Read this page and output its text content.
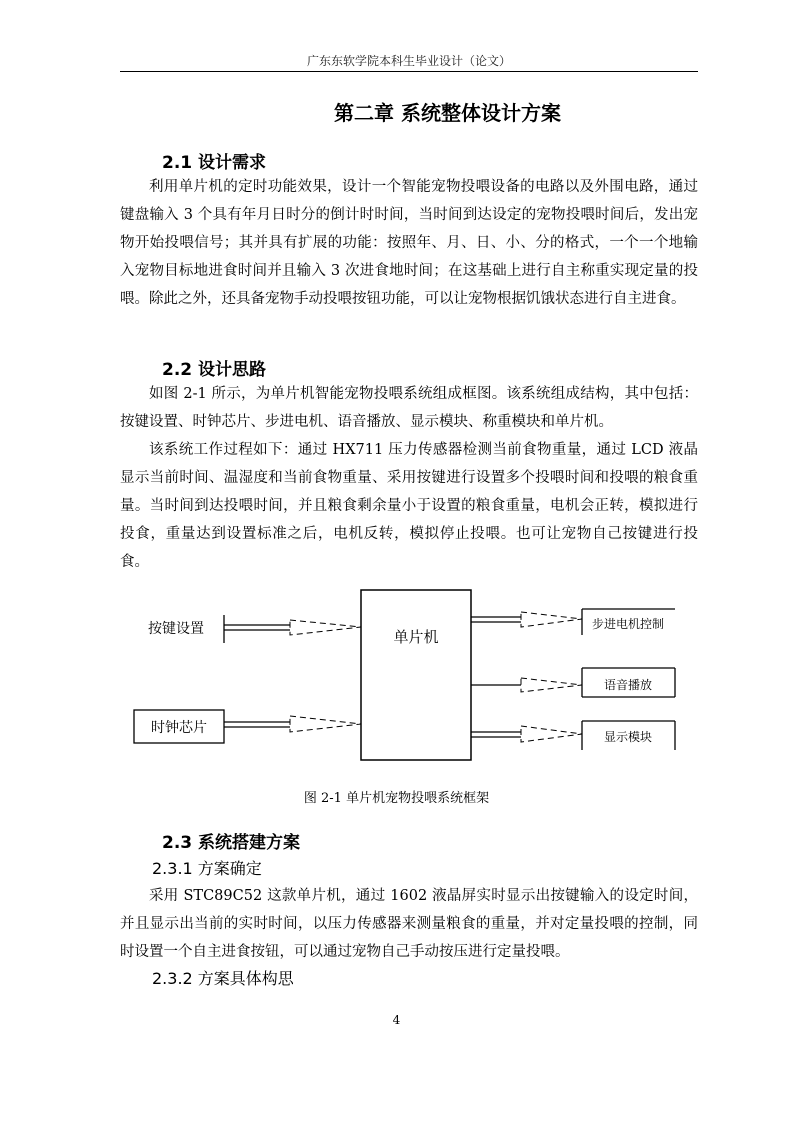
广东东软学院本科生毕业设计（论文）
第二章 系统整体设计方案
2.1 设计需求

利用单片机的定时功能效果，设计一个智能宠物投喂设备的电路以及外围电路，通过键盘输入 3 个具有年月日时分的倒计时时间，当时间到达设定的宠物投喂时间后，发出宠物开始投喂信号；其并具有扩展的功能：按照年、月、日、小、分的格式，一个一个地输入宠物目标地进食时间并且输入 3 次进食地时间；在这基础上进行自主称重实现定量的投喂。除此之外，还具备宠物手动投喂按钮功能，可以让宠物根据饥饿状态进行自主进食。

2.2 设计思路

如图 2-1 所示，为单片机智能宠物投喂系统组成框图。该系统组成结构，其中包括：按键设置、时钟芯片、步进电机、语音播放、显示模块、称重模块和单片机。

该系统工作过程如下：通过 HX711 压力传感器检测当前食物重量，通过 LCD 液晶显示当前时间、温湿度和当前食物重量、采用按键进行设置多个投喂时间和投喂的粮食重量。当时间到达投喂时间，并且粮食剩余量小于设置的粮食重量，电机会正转，模拟进行投食，重量达到设置标准之后，电机反转，模拟停止投喂。也可让宠物自己按键进行投食。

单片机
按键设置
时钟芯片
步进电机控制
语音播放
显示模块
图 2-1 单片机宠物投喂系统框架
2.3 系统搭建方案
2.3.1 方案确定

采用 STC89C52 这款单片机，通过 1602 液晶屏实时显示出按键输入的设定时间，并且显示出当前的实时时间，以压力传感器来测量粮食的重量，并对定量投喂的控制，同时设置一个自主进食按钮，可以通过宠物自己手动按压进行定量投喂。

2.3.2 方案具体构思
4
